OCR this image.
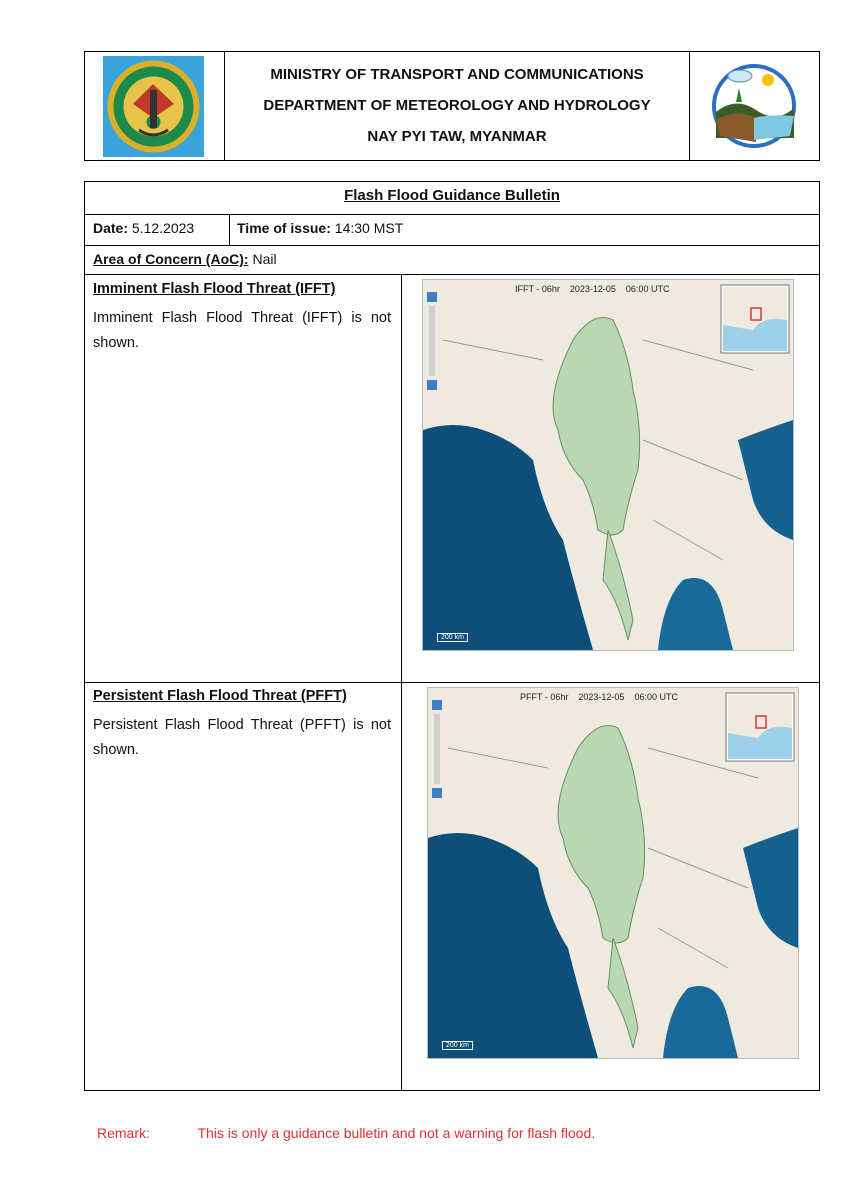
MINISTRY OF TRANSPORT AND COMMUNICATIONS
DEPARTMENT OF METEOROLOGY AND HYDROLOGY
NAY PYI TAW, MYANMAR
Flash Flood Guidance Bulletin
Date: 5.12.2023	Time of issue: 14:30 MST
Area of Concern (AoC): Nail
Imminent Flash Flood Threat (IFFT)
Imminent Flash Flood Threat (IFFT) is not shown.
IFFT - 06hr 2023-12-05 06:00 UTC
200 km
Persistent Flash Flood Threat (PFFT)
Persistent Flash Flood Threat (PFFT) is not shown.
PFFT - 06hr 2023-12-05 06:00 UTC
200 km
Remark:	This is only a guidance bulletin and not a warning for flash flood.
